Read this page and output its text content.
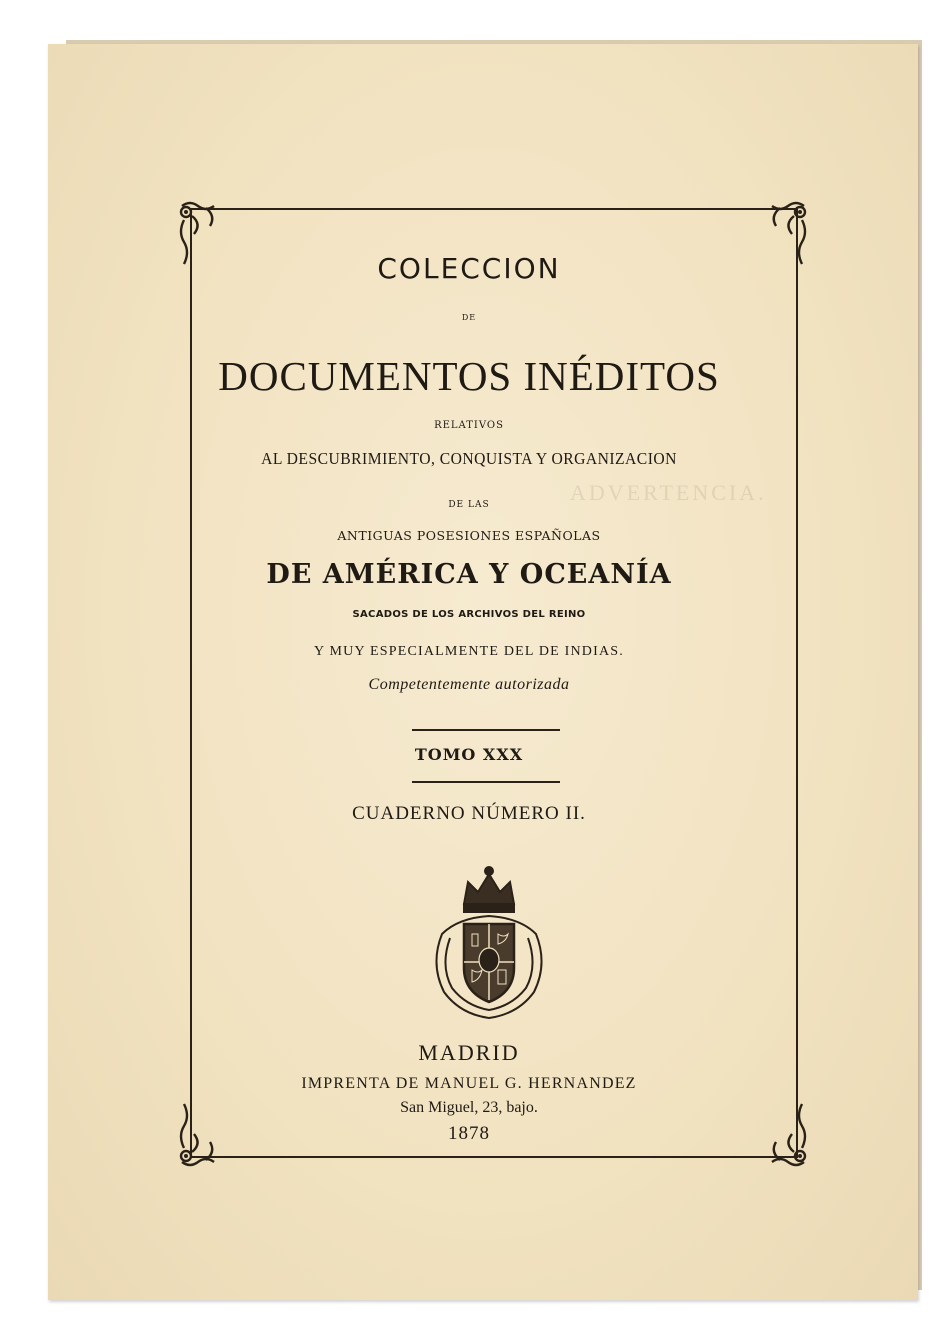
ADVERTENCIA.
COLECCION
DE
DOCUMENTOS INÉDITOS
RELATIVOS
AL DESCUBRIMIENTO, CONQUISTA Y ORGANIZACION
DE LAS
ANTIGUAS POSESIONES ESPAÑOLAS
DE AMÉRICA Y OCEANÍA
SACADOS DE LOS ARCHIVOS DEL REINO
Y MUY ESPECIALMENTE DEL DE INDIAS.
Competentemente autorizada
TOMO XXX
CUADERNO NÚMERO II.
MADRID
IMPRENTA DE MANUEL G. HERNANDEZ
San Miguel, 23, bajo.
1878
